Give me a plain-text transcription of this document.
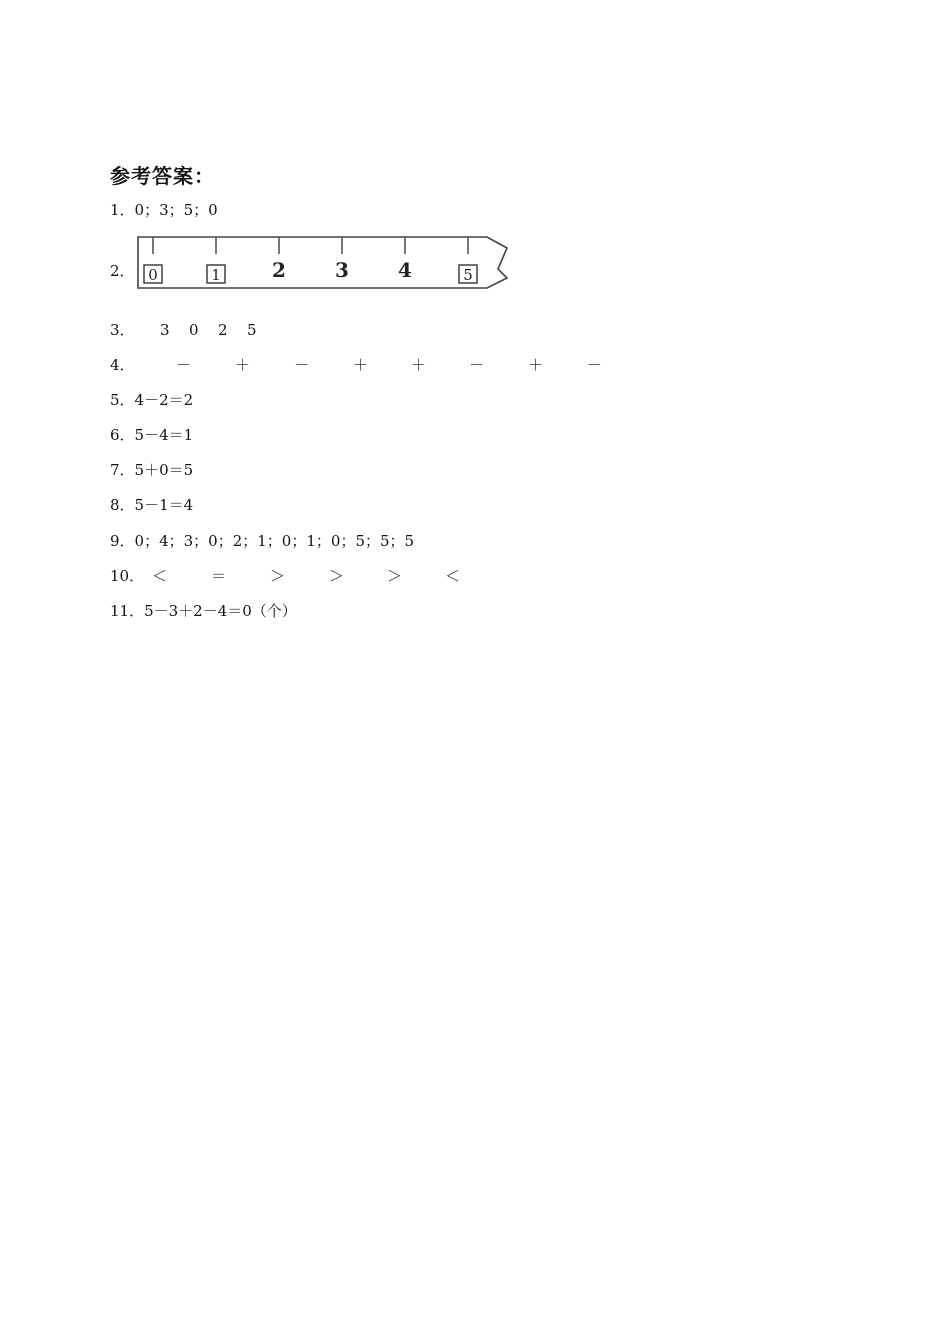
参考答案：
1．0；3；5；0
2． 0	1	2 3 4	5
3． 3 0 2 5
4．	－	＋	－	＋	＋	－	＋	－
5．4－2＝2
6．5－4＝1
7．5＋0＝5
8．5－1＝4
9．0；4；3；0；2；1；0；1；0；5；5；5
10． ＜	＝	＞	＞	＞	＜
11．5－3＋2－4＝0（个）
